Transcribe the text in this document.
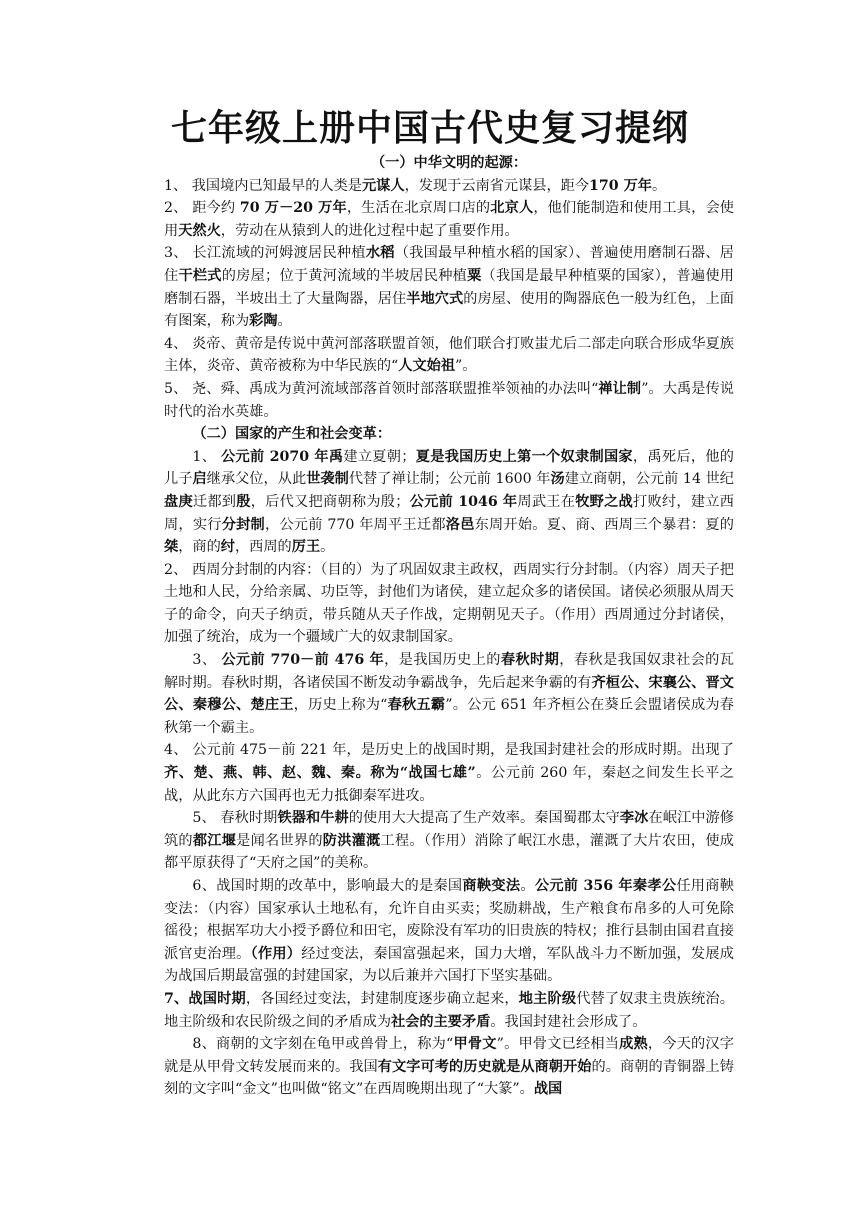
七年级上册中国古代史复习提纲

（一）中华文明的起源：

1、 我国境内已知最早的人类是元谋人，发现于云南省元谋县，距今170 万年。

2、 距今约 70 万－20 万年，生活在北京周口店的北京人，他们能制造和使用工具，会使用天然火，劳动在从猿到人的进化过程中起了重要作用。

3、 长江流域的河姆渡居民种植水稻（我国最早种植水稻的国家）、普遍使用磨制石器、居住干栏式的房屋；位于黄河流域的半坡居民种植粟（我国是最早种植粟的国家），普遍使用磨制石器，半坡出土了大量陶器，居住半地穴式的房屋、使用的陶器底色一般为红色，上面有图案，称为彩陶。

4、 炎帝、黄帝是传说中黄河部落联盟首领，他们联合打败蚩尤后二部走向联合形成华夏族主体，炎帝、黄帝被称为中华民族的“人文始祖”。

5、 尧、舜、禹成为黄河流域部落首领时部落联盟推举领袖的办法叫“禅让制”。大禹是传说时代的治水英雄。

（二）国家的产生和社会变革：

1、 公元前 2070 年禹建立夏朝；夏是我国历史上第一个奴隶制国家，禹死后，他的儿子启继承父位，从此世袭制代替了禅让制；公元前 1600 年汤建立商朝，公元前 14 世纪盘庚迁都到殷，后代又把商朝称为殷；公元前 1046 年周武王在牧野之战打败纣，建立西周，实行分封制，公元前 770 年周平王迁都洛邑东周开始。夏、商、西周三个暴君：夏的桀，商的纣，西周的厉王。

2、 西周分封制的内容：（目的）为了巩固奴隶主政权，西周实行分封制。（内容）周天子把土地和人民，分给亲属、功臣等，封他们为诸侯，建立起众多的诸侯国。诸侯必须服从周天子的命令，向天子纳贡，带兵随从天子作战，定期朝见天子。（作用）西周通过分封诸侯，加强了统治，成为一个疆域广大的奴隶制国家。

3、 公元前 770－前 476 年，是我国历史上的春秋时期，春秋是我国奴隶社会的瓦解时期。春秋时期，各诸侯国不断发动争霸战争，先后起来争霸的有齐桓公、宋襄公、晋文公、秦穆公、楚庄王，历史上称为“春秋五霸”。公元 651 年齐桓公在葵丘会盟诸侯成为春秋第一个霸主。

4、 公元前 475－前 221 年，是历史上的战国时期，是我国封建社会的形成时期。出现了齐、楚、燕、韩、赵、魏、秦。称为“战国七雄”。公元前 260 年，秦赵之间发生长平之战，从此东方六国再也无力抵御秦军进攻。

5、 春秋时期铁器和牛耕的使用大大提高了生产效率。秦国蜀郡太守李冰在岷江中游修筑的都江堰是闻名世界的防洪灌溉工程。（作用）消除了岷江水患，灌溉了大片农田，使成都平原获得了“天府之国”的美称。

6、战国时期的改革中，影响最大的是秦国商鞅变法。公元前 356 年秦孝公任用商鞅变法：（内容）国家承认土地私有，允许自由买卖；奖励耕战，生产粮食布帛多的人可免除徭役；根据军功大小授予爵位和田宅，废除没有军功的旧贵族的特权；推行县制由国君直接派官吏治理。（作用）经过变法，秦国富强起来，国力大增，军队战斗力不断加强，发展成为战国后期最富强的封建国家，为以后兼并六国打下坚实基础。

7、战国时期，各国经过变法，封建制度逐步确立起来，地主阶级代替了奴隶主贵族统治。地主阶级和农民阶级之间的矛盾成为社会的主要矛盾。我国封建社会形成了。

8、商朝的文字刻在龟甲或兽骨上，称为“甲骨文”。甲骨文已经相当成熟，今天的汉字就是从甲骨文转发展而来的。我国有文字可考的历史就是从商朝开始的。商朝的青铜器上铸刻的文字叫“金文”也叫做“铭文”在西周晚期出现了“大篆”。战国
